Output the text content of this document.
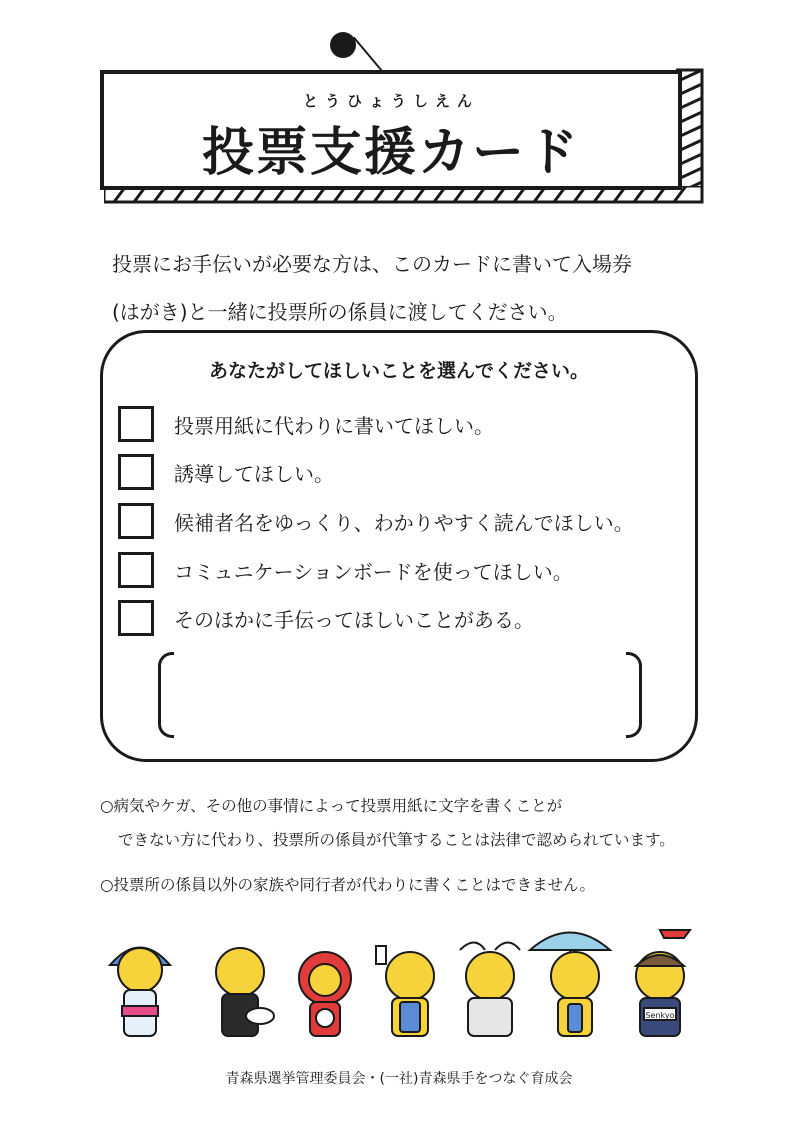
とうひょうしえん
投票支援カード
投票にお手伝いが必要な方は、このカードに書いて入場券
(はがき)と一緒に投票所の係員に渡してください。
あなたがしてほしいことを選んでください。
投票用紙に代わりに書いてほしい。
誘導してほしい。
候補者名をゆっくり、わかりやすく読んでほしい。
コミュニケーションボードを使ってほしい。
そのほかに手伝ってほしいことがある。
○病気やケガ、その他の事情によって投票用紙に文字を書くことが
できない方に代わり、投票所の係員が代筆することは法律で認められています。
○投票所の係員以外の家族や同行者が代わりに書くことはできません。
Senkyo
青森県選挙管理委員会・(一社)青森県手をつなぐ育成会
